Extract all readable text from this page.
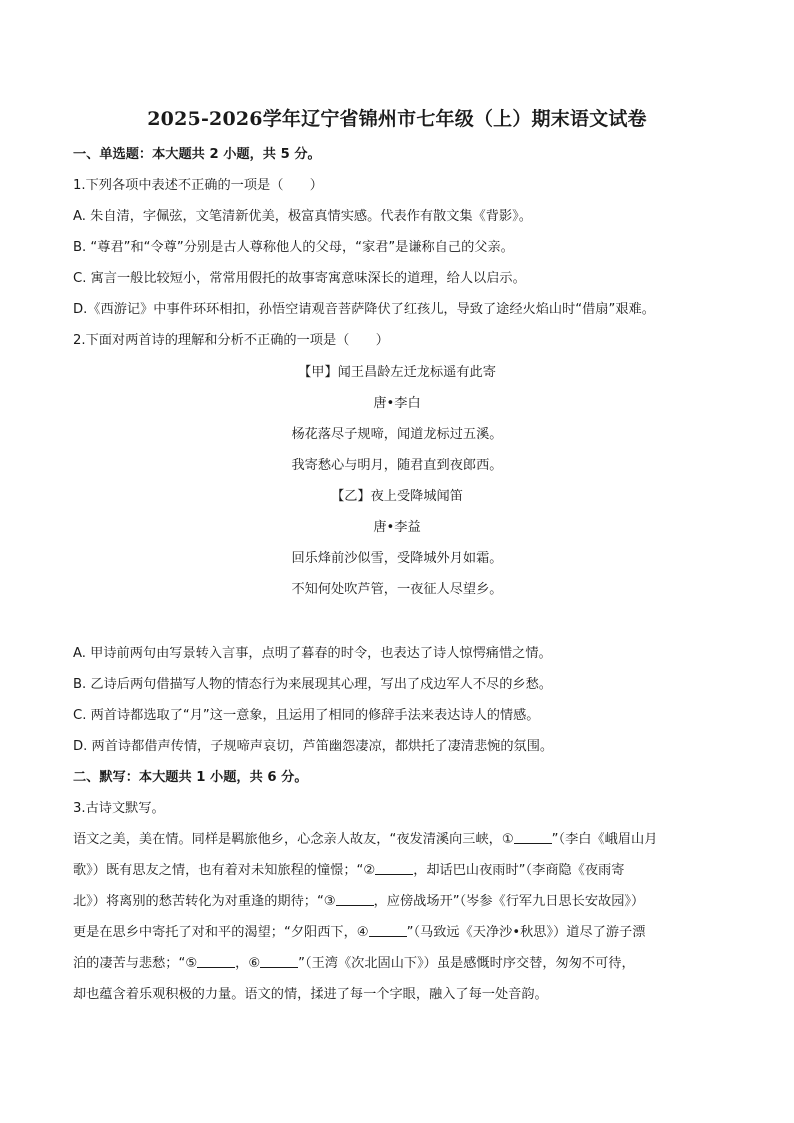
2025-2026学年辽宁省锦州市七年级（上）期末语文试卷
一、单选题：本大题共 2 小题，共 5 分。
1.下列各项中表述不正确的一项是（　　）
A. 朱自清，字佩弦，文笔清新优美，极富真情实感。代表作有散文集《背影》。
B. “尊君”和“令尊”分别是古人尊称他人的父母，“家君”是谦称自己的父亲。
C. 寓言一般比较短小，常常用假托的故事寄寓意味深长的道理，给人以启示。
D.《西游记》中事件环环相扣，孙悟空请观音菩萨降伏了红孩儿，导致了途经火焰山时“借扇”艰难。
2.下面对两首诗的理解和分析不正确的一项是（　　）
【甲】闻王昌龄左迁龙标遥有此寄
唐•李白
杨花落尽子规啼，闻道龙标过五溪。
我寄愁心与明月，随君直到夜郎西。
【乙】夜上受降城闻笛
唐•李益
回乐烽前沙似雪，受降城外月如霜。
不知何处吹芦管，一夜征人尽望乡。
A. 甲诗前两句由写景转入言事，点明了暮春的时令，也表达了诗人惊愕痛惜之情。
B. 乙诗后两句借描写人物的情态行为来展现其心理，写出了戍边军人不尽的乡愁。
C. 两首诗都选取了“月”这一意象，且运用了相同的修辞手法来表达诗人的情感。
D. 两首诗都借声传情，子规啼声哀切，芦笛幽怨凄凉，都烘托了凄清悲惋的氛围。
二、默写：本大题共 1 小题，共 6 分。
3.古诗文默写。
语文之美，美在情。同样是羁旅他乡，心念亲人故友，“夜发清溪向三峡，①	”（李白《峨眉山月
歌》）既有思友之情，也有着对未知旅程的憧憬；“②	，却话巴山夜雨时”（李商隐《夜雨寄
北》）将离别的愁苦转化为对重逢的期待；“③	，应傍战场开”（岑参《行军九日思长安故园》）
更是在思乡中寄托了对和平的渴望；“夕阳西下，④	”（马致远《天净沙•秋思》）道尽了游子漂
泊的凄苦与悲愁；“⑤	，⑥	”（王湾《次北固山下》）虽是感慨时序交替，匆匆不可待，
却也蕴含着乐观积极的力量。语文的情，揉进了每一个字眼，融入了每一处音韵。
